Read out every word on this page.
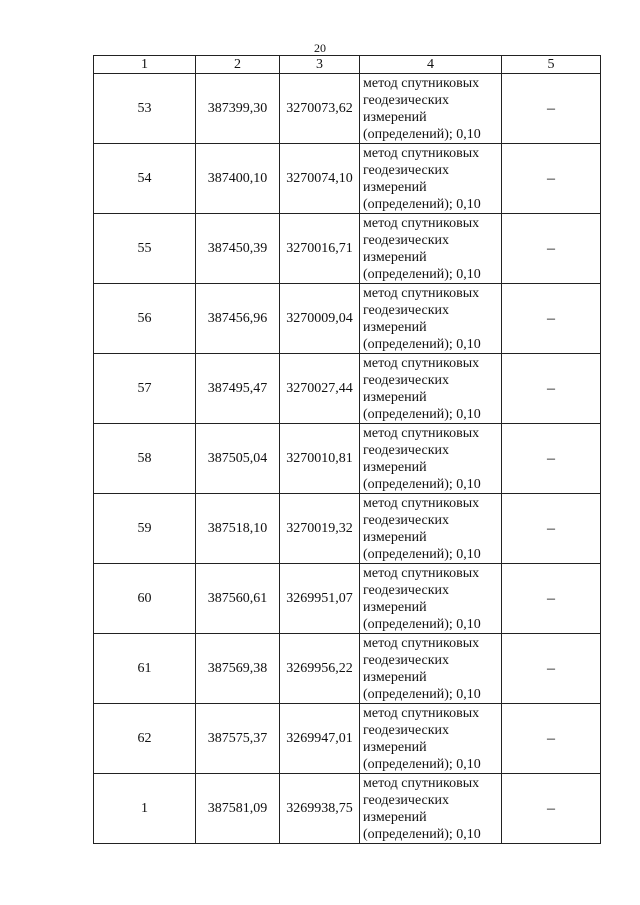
20
1	2	3	4	5
53	387399,30	3270073,62	метод спутниковых
геодезических
измерений
(определений); 0,10	–
54	387400,10	3270074,10	метод спутниковых
геодезических
измерений
(определений); 0,10	–
55	387450,39	3270016,71	метод спутниковых
геодезических
измерений
(определений); 0,10	–
56	387456,96	3270009,04	метод спутниковых
геодезических
измерений
(определений); 0,10	–
57	387495,47	3270027,44	метод спутниковых
геодезических
измерений
(определений); 0,10	–
58	387505,04	3270010,81	метод спутниковых
геодезических
измерений
(определений); 0,10	–
59	387518,10	3270019,32	метод спутниковых
геодезических
измерений
(определений); 0,10	–
60	387560,61	3269951,07	метод спутниковых
геодезических
измерений
(определений); 0,10	–
61	387569,38	3269956,22	метод спутниковых
геодезических
измерений
(определений); 0,10	–
62	387575,37	3269947,01	метод спутниковых
геодезических
измерений
(определений); 0,10	–
1	387581,09	3269938,75	метод спутниковых
геодезических
измерений
(определений); 0,10	–
